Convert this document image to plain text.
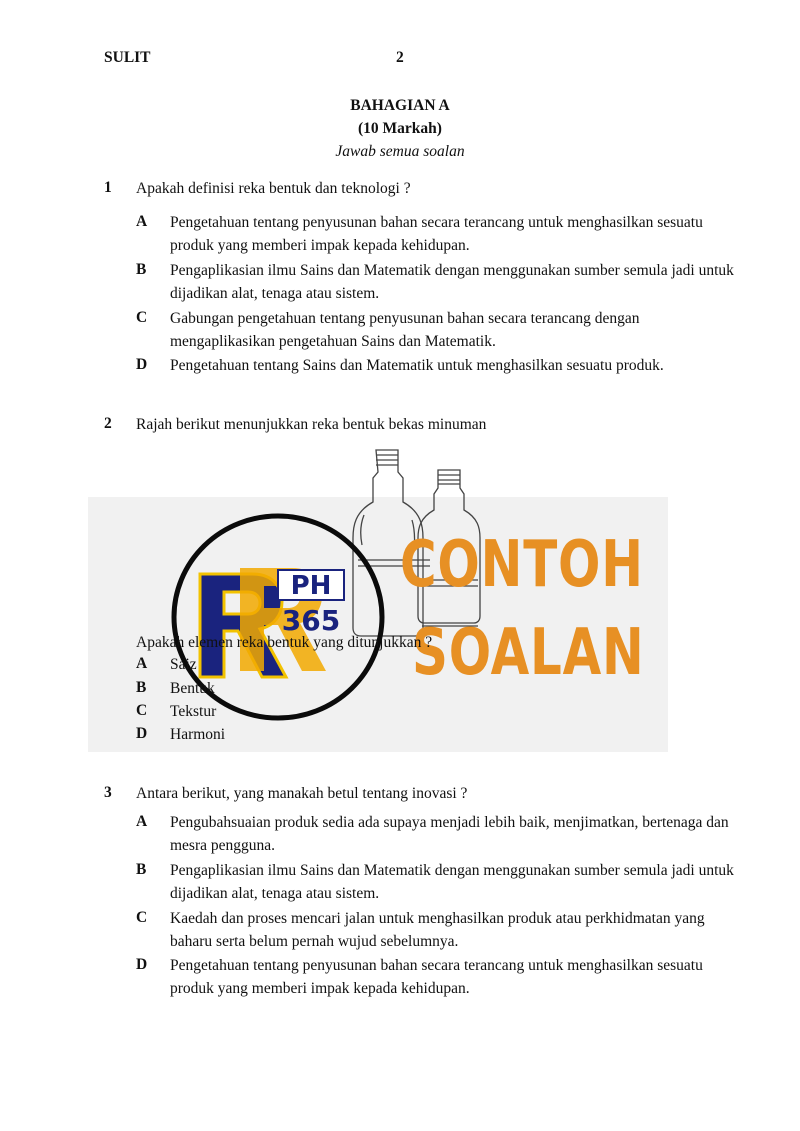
SULIT	2
BAHAGIAN A
(10 Markah)
Jawab semua soalan
1 Apakah definisi reka bentuk dan teknologi ?
A Pengetahuan tentang penyusunan bahan secara terancang untuk menghasilkan sesuatu produk yang memberi impak kepada kehidupan.
B Pengaplikasian ilmu Sains dan Matematik dengan menggunakan sumber semula jadi untuk dijadikan alat, tenaga atau sistem.
C Gabungan pengetahuan tentang penyusunan bahan secara terancang dengan mengaplikasikan pengetahuan Sains dan Matematik.
D Pengetahuan tentang Sains dan Matematik untuk menghasilkan sesuatu produk.
2 Rajah berikut menunjukkan reka bentuk bekas minuman
PH
365
CONTOH
SOALAN
Apakah elemen reka bentuk yang ditunjukkan ?
A Saiz
B Bentuk
C Tekstur
D Harmoni
3 Antara berikut, yang manakah betul tentang inovasi ?
A Pengubahsuaian produk sedia ada supaya menjadi lebih baik, menjimatkan, bertenaga dan mesra pengguna.
B Pengaplikasian ilmu Sains dan Matematik dengan menggunakan sumber semula jadi untuk dijadikan alat, tenaga atau sistem.
C Kaedah dan proses mencari jalan untuk menghasilkan produk atau perkhidmatan yang baharu serta belum pernah wujud sebelumnya.
D Pengetahuan tentang penyusunan bahan secara terancang untuk menghasilkan sesuatu produk yang memberi impak kepada kehidupan.
